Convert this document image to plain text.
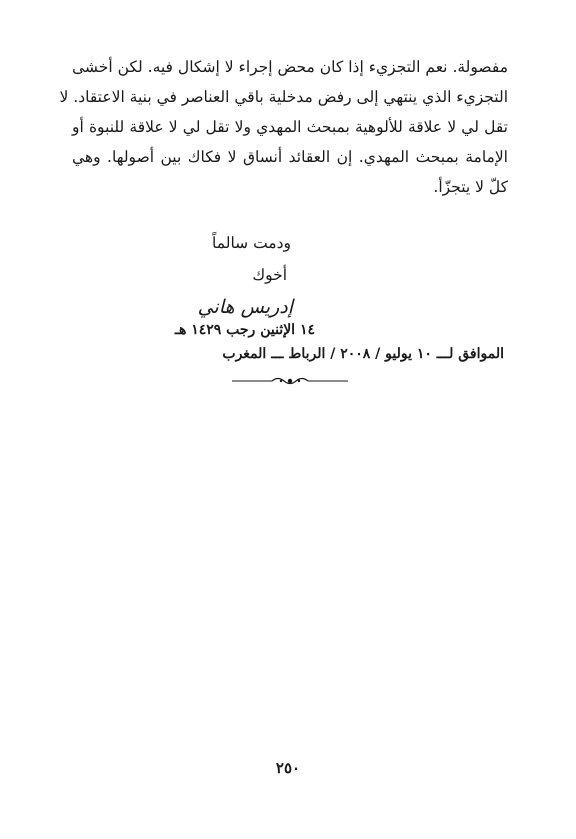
مفصولة. نعم التجزيء إذا كان محض إجراء لا إشكال فيه. لكن أخشى
التجزيء الذي ينتهي إلى رفض مدخلية باقي العناصر في بنية الاعتقاد. لا
تقل لي لا علاقة للألوهية بمبحث المهدي ولا تقل لي لا علاقة للنبوة أو
الإمامة بمبحث المهدي. إن العقائد أنساق لا فكاك بين أصولها. وهي
كلّ لا يتجزّأ.
ودمت سالماً
أخوك
إدريس هاني
١٤ الإثنين رجب ١٤٢٩ هـ
الموافق لـــ ١٠ يوليو / ٢٠٠٨ / الرباط ـــ المغرب
٢٥٠
